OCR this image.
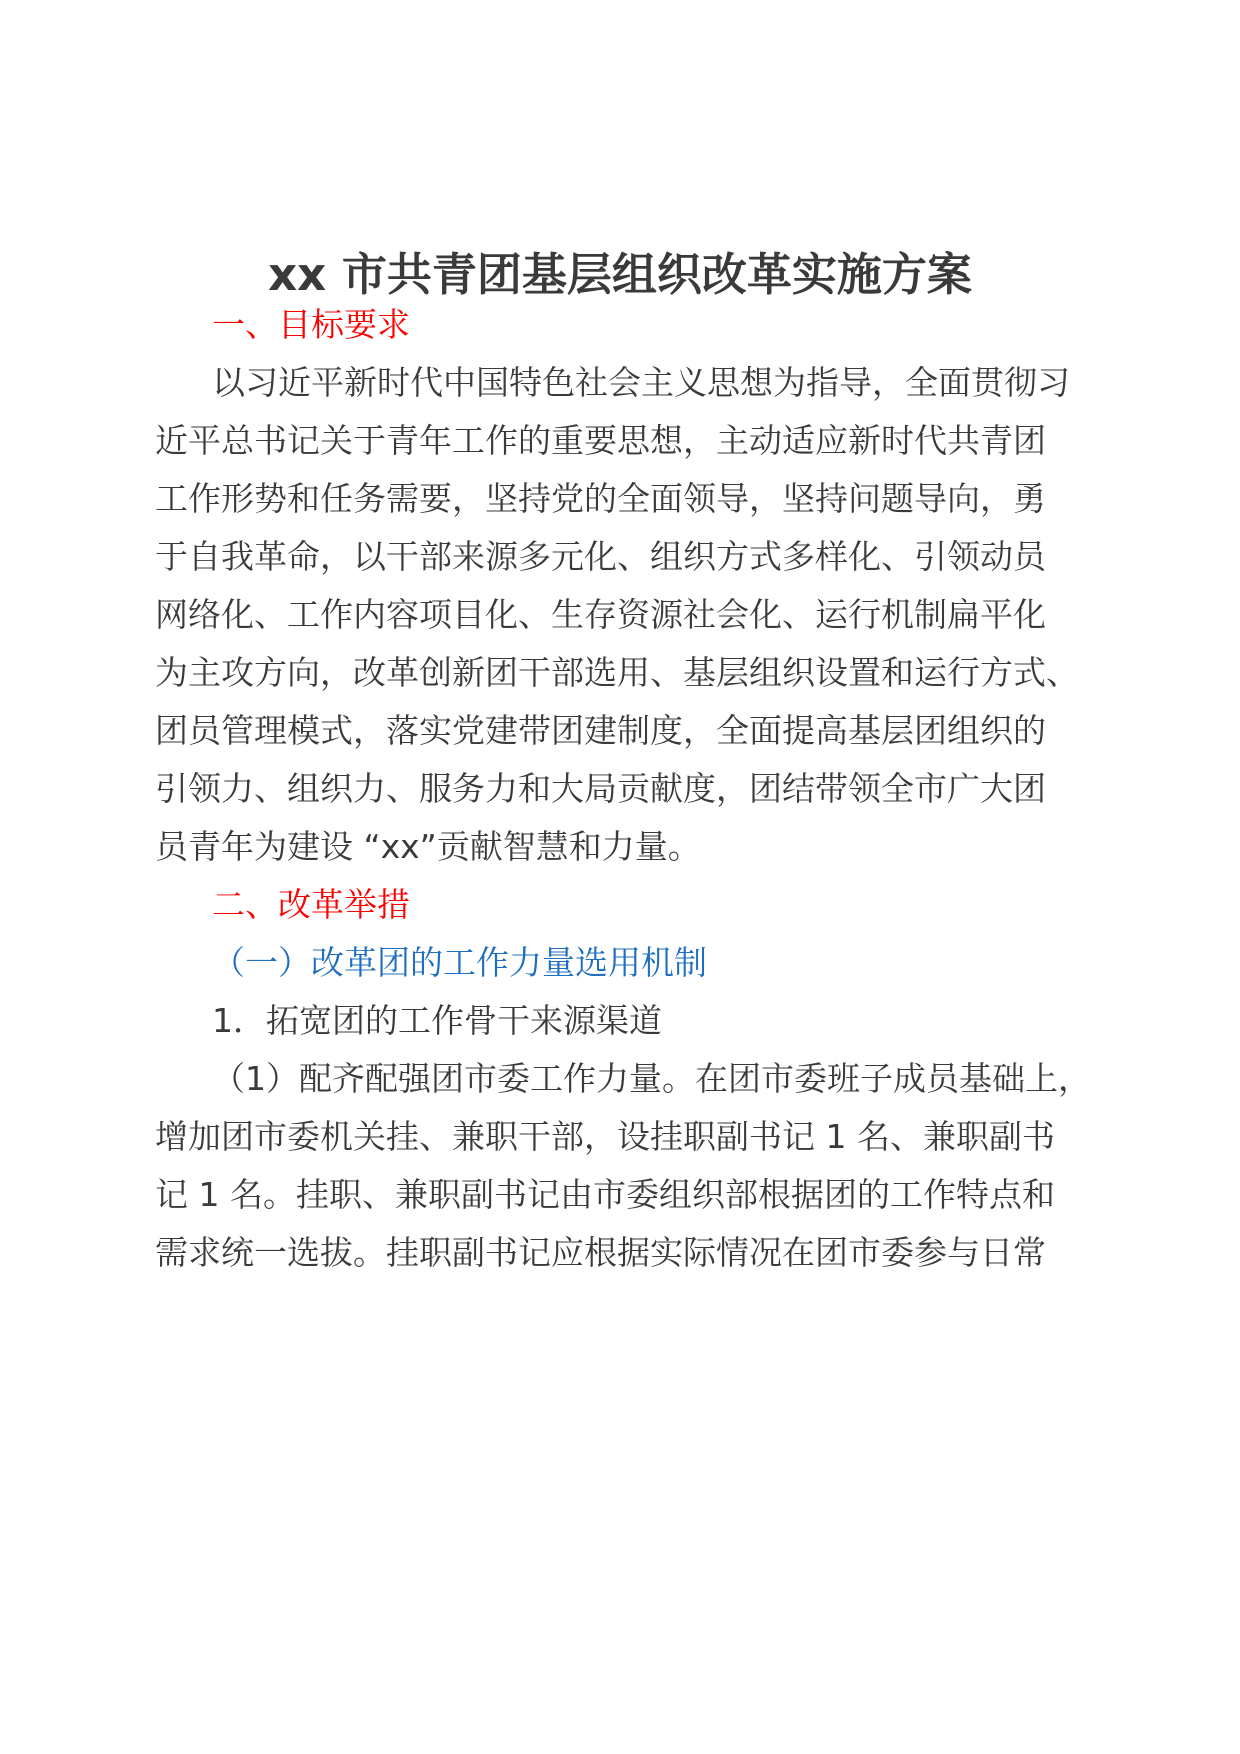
xx 市共青团基层组织改革实施方案
一、目标要求
以习近平新时代中国特色社会主义思想为指导，全面贯彻习
近平总书记关于青年工作的重要思想，主动适应新时代共青团
工作形势和任务需要，坚持党的全面领导，坚持问题导向，勇
于自我革命，以干部来源多元化、组织方式多样化、引领动员
网络化、工作内容项目化、生存资源社会化、运行机制扁平化
为主攻方向，改革创新团干部选用、基层组织设置和运行方式、
团员管理模式，落实党建带团建制度，全面提高基层团组织的
引领力、组织力、服务力和大局贡献度，团结带领全市广大团
员青年为建设 “xx”贡献智慧和力量。
二、改革举措
（一）改革团的工作力量选用机制
1．拓宽团的工作骨干来源渠道
（1）配齐配强团市委工作力量。在团市委班子成员基础上，
增加团市委机关挂、兼职干部，设挂职副书记 1 名、兼职副书
记 1 名。挂职、兼职副书记由市委组织部根据团的工作特点和
需求统一选拔。挂职副书记应根据实际情况在团市委参与日常
